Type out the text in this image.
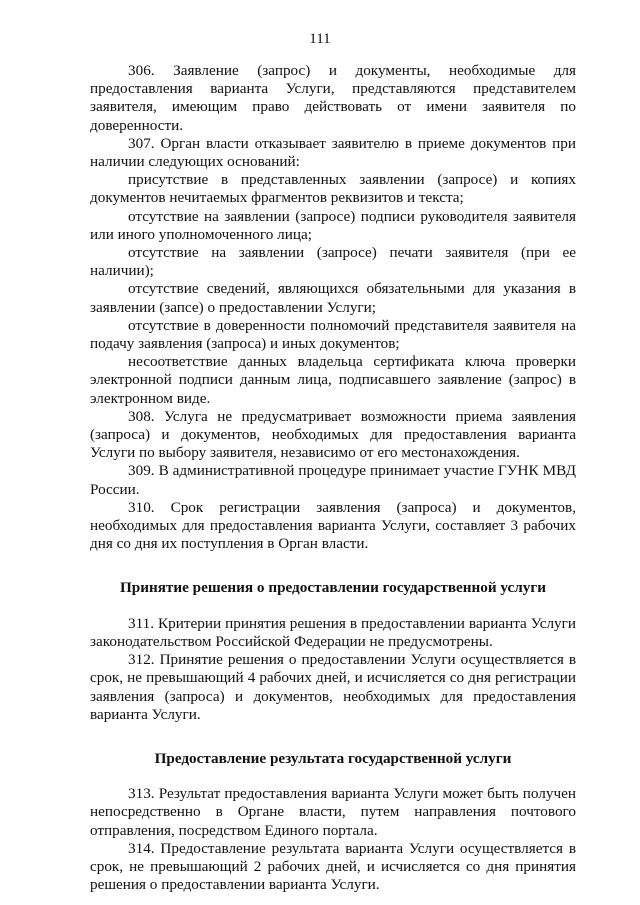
111

306. Заявление (запрос) и документы, необходимые для предоставления варианта Услуги, представляются представителем заявителя, имеющим право действовать от имени заявителя по доверенности.

307. Орган власти отказывает заявителю в приеме документов при наличии следующих оснований:

присутствие в представленных заявлении (запросе) и копиях документов нечитаемых фрагментов реквизитов и текста;

отсутствие на заявлении (запросе) подписи руководителя заявителя или иного уполномоченного лица;

отсутствие на заявлении (запросе) печати заявителя (при ее наличии);

отсутствие сведений, являющихся обязательными для указания в заявлении (запсе) о предоставлении Услуги;

отсутствие в доверенности полномочий представителя заявителя на подачу заявления (запроса) и иных документов;

несоответствие данных владельца сертификата ключа проверки электронной подписи данным лица, подписавшего заявление (запрос) в электронном виде.

308. Услуга не предусматривает возможности приема заявления (запроса) и документов, необходимых для предоставления варианта Услуги по выбору заявителя, независимо от его местонахождения.

309. В административной процедуре принимает участие ГУНК МВД России.

310. Срок регистрации заявления (запроса) и документов, необходимых для предоставления варианта Услуги, составляет 3 рабочих дня со дня их поступления в Орган власти.

Принятие решения о предоставлении государственной услуги

311. Критерии принятия решения в предоставлении варианта Услуги законодательством Российской Федерации не предусмотрены.

312. Принятие решения о предоставлении Услуги осуществляется в срок, не превышающий 4 рабочих дней, и исчисляется со дня регистрации заявления (запроса) и документов, необходимых для предоставления варианта Услуги.

Предоставление результата государственной услуги

313. Результат предоставления варианта Услуги может быть получен непосредственно в Органе власти, путем направления почтового отправления, посредством Единого портала.

314. Предоставление результата варианта Услуги осуществляется в срок, не превышающий 2 рабочих дней, и исчисляется со дня принятия решения о предоставлении варианта Услуги.
